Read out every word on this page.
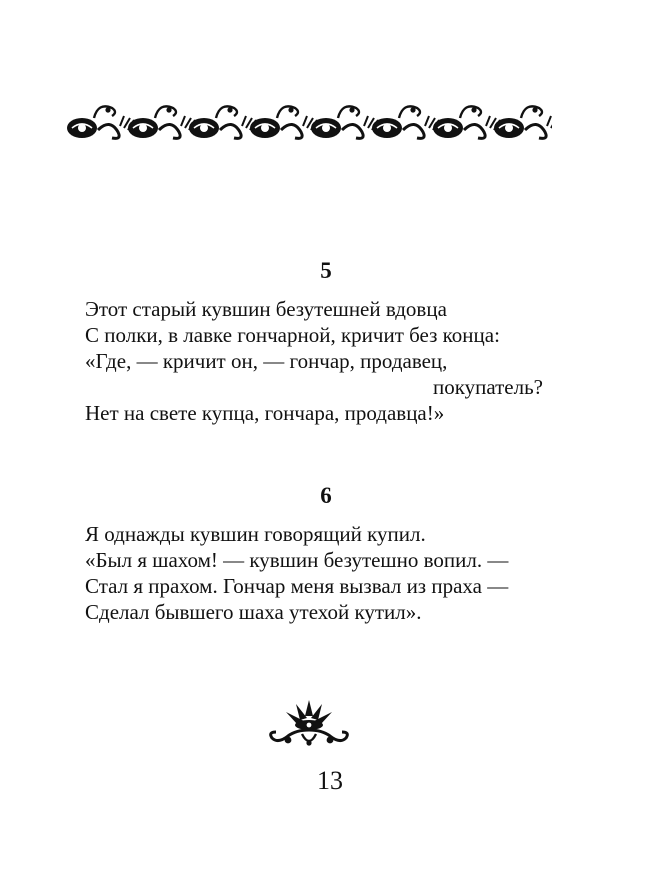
5
Этот старый кувшин безутешней вдовца
С полки, в лавке гончарной, кричит без конца:
«Где, — кричит он, — гончар, продавец,
покупатель?
Нет на свете купца, гончара, продавца!»
6
Я однажды кувшин говорящий купил.
«Был я шахом! — кувшин безутешно вопил. —
Стал я прахом. Гончар меня вызвал из праха —
Сделал бывшего шаха утехой кутил».
13
